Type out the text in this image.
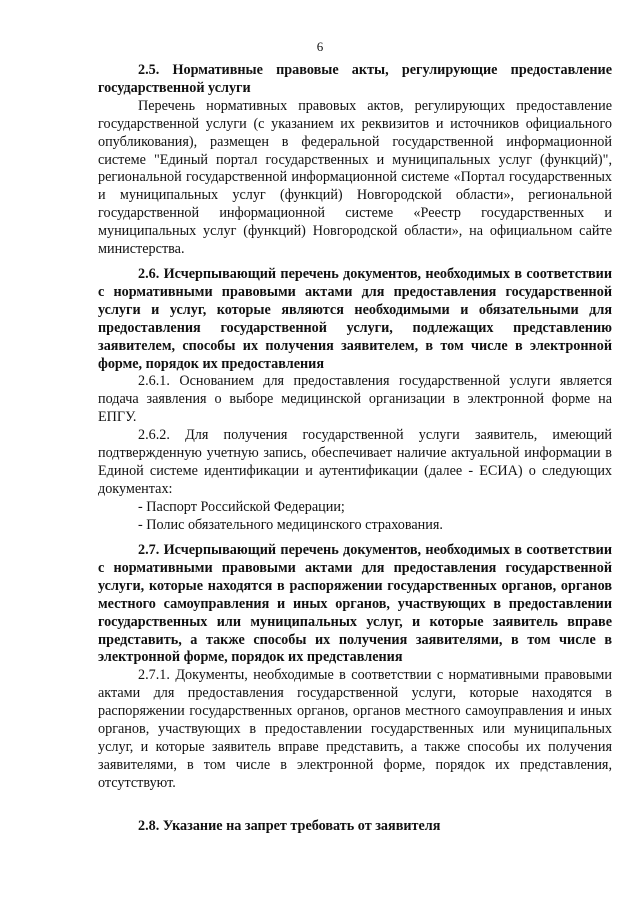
6
2.5. Нормативные правовые акты, регулирующие предоставление государственной услуги
Перечень нормативных правовых актов, регулирующих предоставление государственной услуги (с указанием их реквизитов и источников официального опубликования), размещен в федеральной государственной информационной системе "Единый портал государственных и муниципальных услуг (функций)", региональной государственной информационной системе «Портал государственных и муниципальных услуг (функций) Новгородской области», региональной государственной информационной системе «Реестр государственных и муниципальных услуг (функций) Новгородской области», на официальном сайте министерства.
2.6. Исчерпывающий перечень документов, необходимых в соответствии с нормативными правовыми актами для предоставления государственной услуги и услуг, которые являются необходимыми и обязательными для предоставления государственной услуги, подлежащих представлению заявителем, способы их получения заявителем, в том числе в электронной форме, порядок их предоставления
2.6.1. Основанием для предоставления государственной услуги является подача заявления о выборе медицинской организации в электронной форме на ЕПГУ.
2.6.2. Для получения государственной услуги заявитель, имеющий подтвержденную учетную запись, обеспечивает наличие актуальной информации в Единой системе идентификации и аутентификации (далее - ЕСИА) о следующих документах:
- Паспорт Российской Федерации;
- Полис обязательного медицинского страхования.
2.7. Исчерпывающий перечень документов, необходимых в соответствии с нормативными правовыми актами для предоставления государственной услуги, которые находятся в распоряжении государственных органов, органов местного самоуправления и иных органов, участвующих в предоставлении государственных или муниципальных услуг, и которые заявитель вправе представить, а также способы их получения заявителями, в том числе в электронной форме, порядок их представления
2.7.1. Документы, необходимые в соответствии с нормативными правовыми актами для предоставления государственной услуги, которые находятся в распоряжении государственных органов, органов местного самоуправления и иных органов, участвующих в предоставлении государственных или муниципальных услуг, и которые заявитель вправе представить, а также способы их получения заявителями, в том числе в электронной форме, порядок их представления, отсутствуют.
2.8. Указание на запрет требовать от заявителя
